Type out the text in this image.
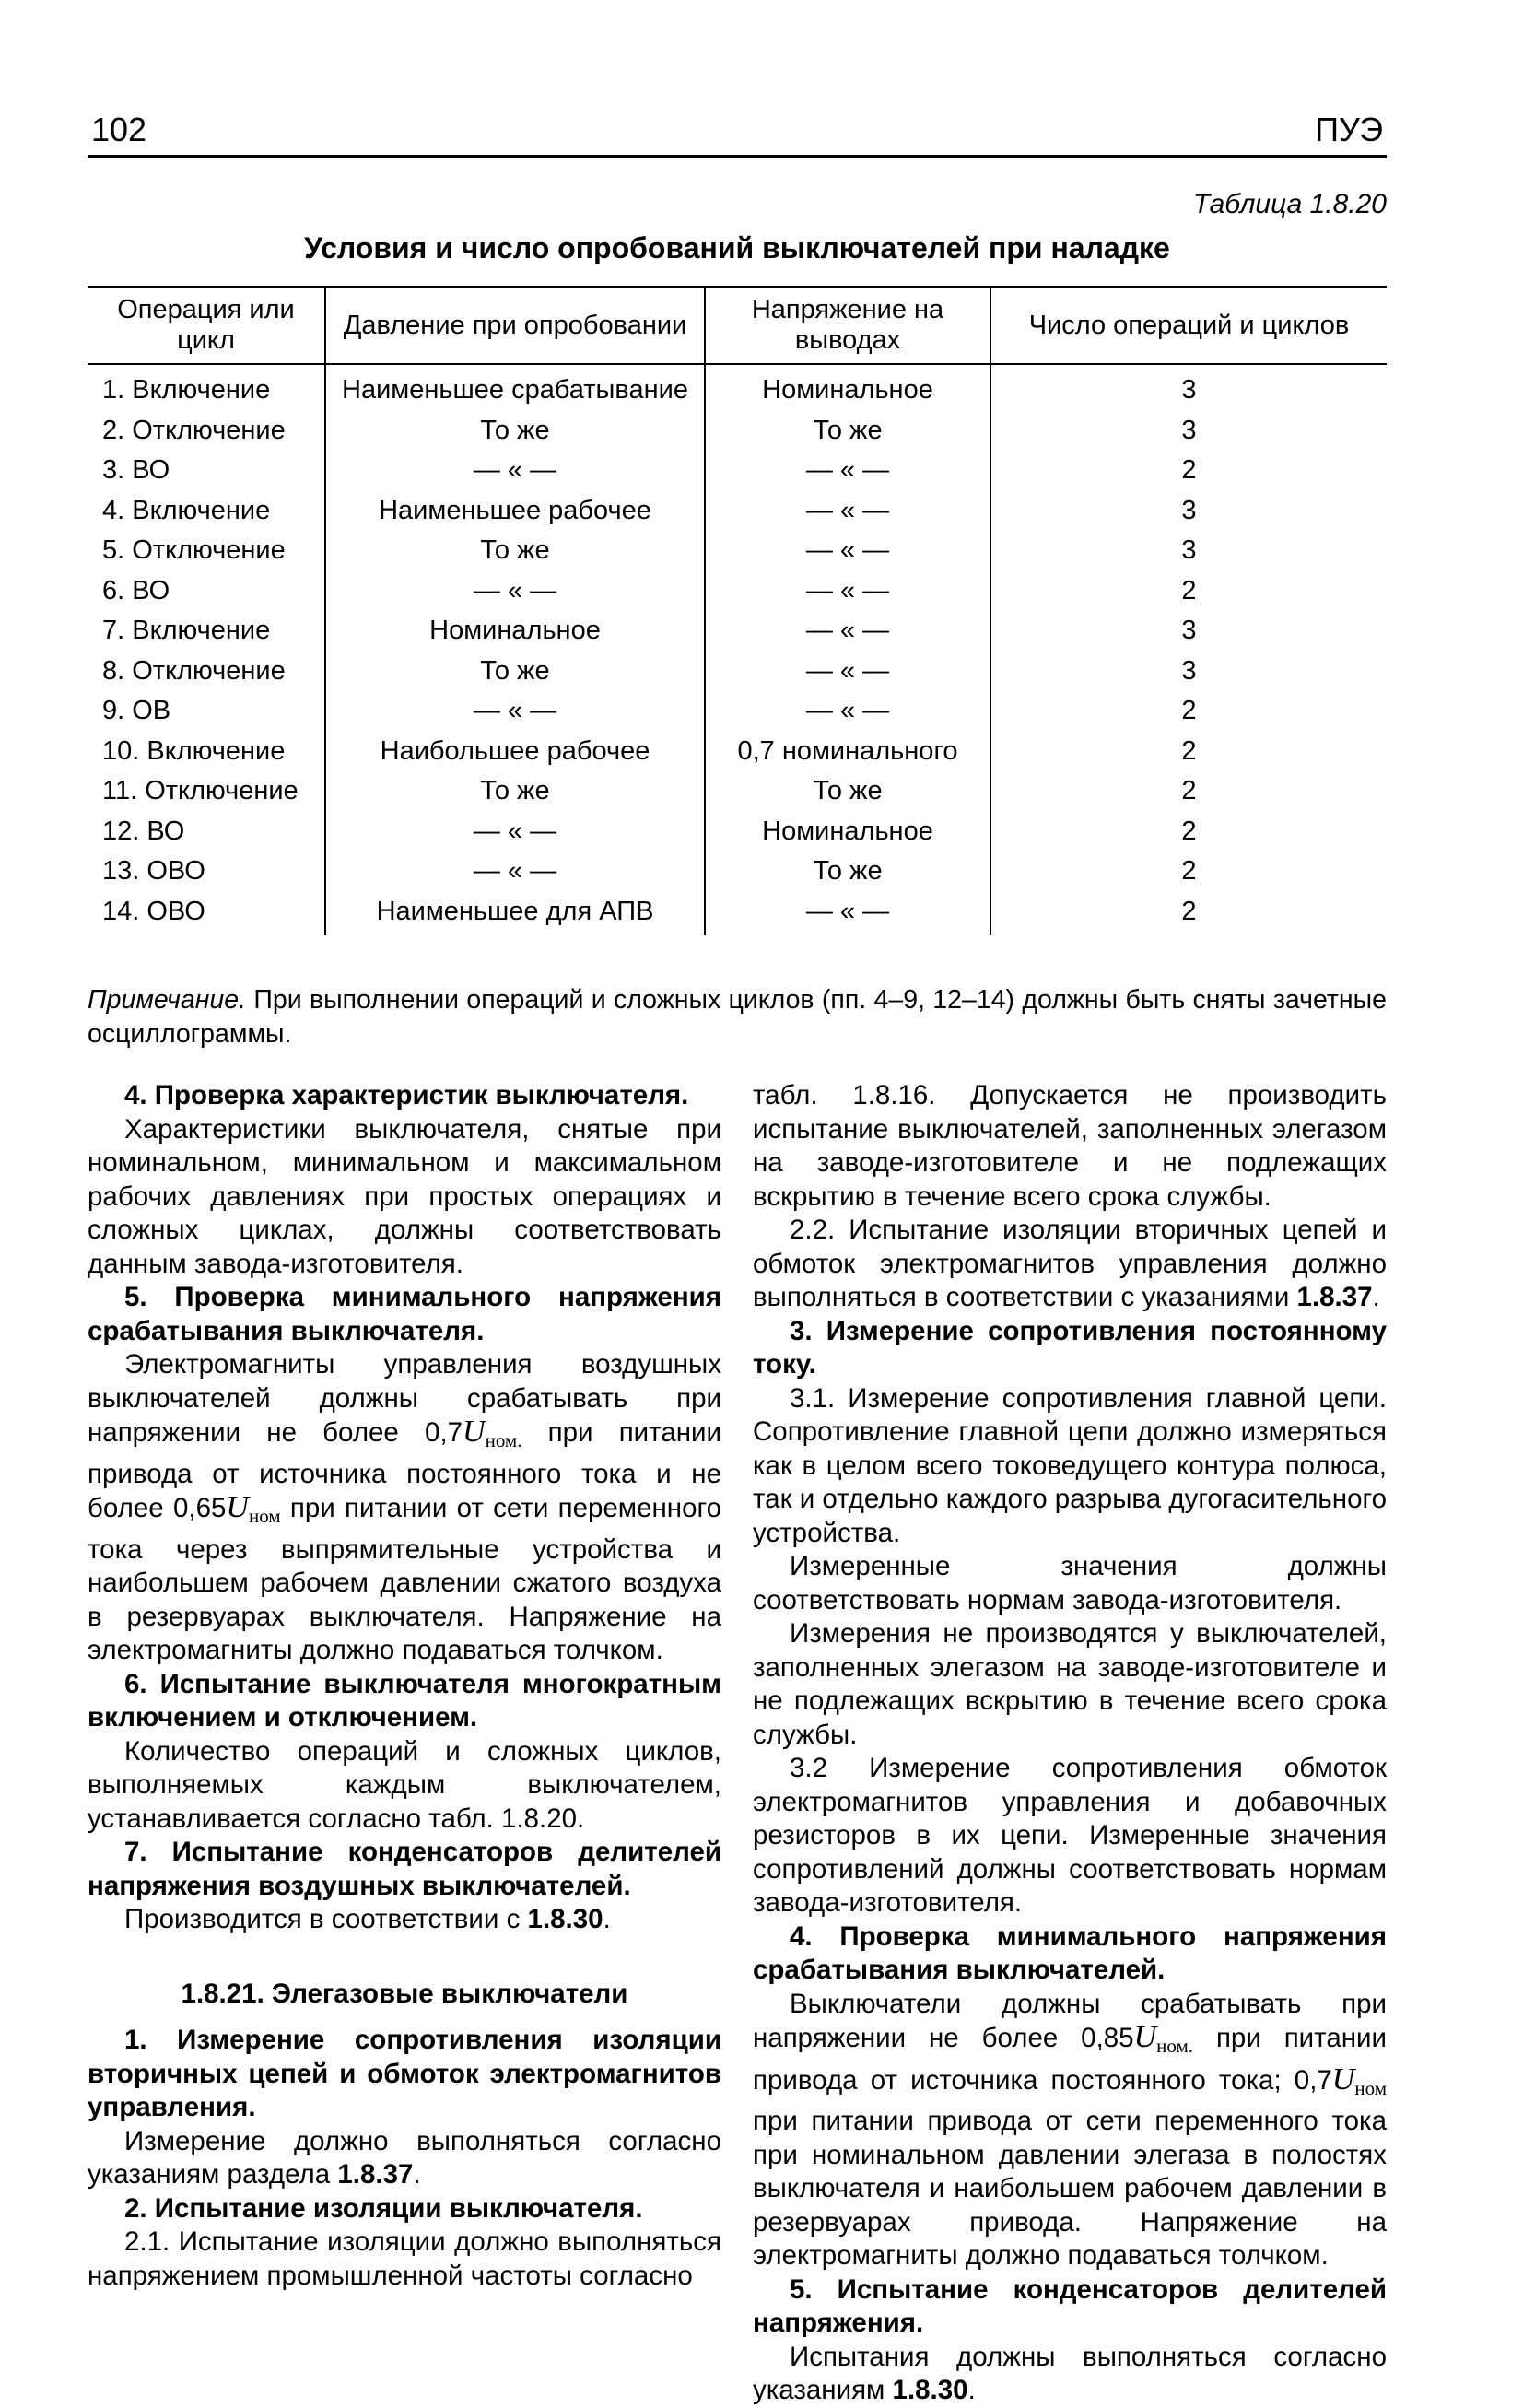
102	ПУЭ
Таблица 1.8.20
Условия и число опробований выключателей при наладке
Операция или цикл	Давление при опробовании	Напряжение на выводах	Число операций и циклов
1. Включение	Наименьшее срабатывание	Номинальное	3
2. Отключение	То же	То же	3
3. ВО	— « —	— « —	2
4. Включение	Наименьшее рабочее	— « —	3
5. Отключение	То же	— « —	3
6. ВО	— « —	— « —	2
7. Включение	Номинальное	— « —	3
8. Отключение	То же	— « —	3
9. ОВ	— « —	— « —	2
10. Включение	Наибольшее рабочее	0,7 номинального	2
11. Отключение	То же	То же	2
12. ВО	— « —	Номинальное	2
13. ОВО	— « —	То же	2
14. ОВО	Наименьшее для АПВ	— « —	2
Примечание. При выполнении операций и сложных циклов (пп. 4–9, 12–14) должны быть сняты зачетные осциллограммы.

4. Проверка характеристик выключателя.

Характеристики выключателя, снятые при номинальном, минимальном и максимальном рабочих давлениях при простых операциях и сложных циклах, должны соответствовать данным завода-изготовителя.

5. Проверка минимального напряжения срабатывания выключателя.

Электромагниты управления воздушных выключателей должны срабатывать при напряжении не более $0,7U_{ном.}$ при питании привода от источника постоянного тока и не более $0,65U_{ном}$ при питании от сети переменного тока через выпрямительные устройства и наибольшем рабочем давлении сжатого воздуха в резервуарах выключателя. Напряжение на электромагниты должно подаваться толчком.

6. Испытание выключателя многократным включением и отключением.

Количество операций и сложных циклов, выполняемых каждым выключателем, устанавливается согласно табл. 1.8.20.

7. Испытание конденсаторов делителей напряжения воздушных выключателей.

Производится в соответствии с 1.8.30.

1.8.21. Элегазовые выключатели

1. Измерение сопротивления изоляции вторичных цепей и обмоток электромагнитов управления.

Измерение должно выполняться согласно указаниям раздела 1.8.37.

2. Испытание изоляции выключателя.

2.1. Испытание изоляции должно выполняться напряжением промышленной частоты согласно

табл. 1.8.16. Допускается не производить испытание выключателей, заполненных элегазом на заводе-изготовителе и не подлежащих вскрытию в течение всего срока службы.

2.2. Испытание изоляции вторичных цепей и обмоток электромагнитов управления должно выполняться в соответствии с указаниями 1.8.37.

3. Измерение сопротивления постоянному току.

3.1. Измерение сопротивления главной цепи. Сопротивление главной цепи должно измеряться как в целом всего токоведущего контура полюса, так и отдельно каждого разрыва дугогасительного устройства.

Измеренные значения должны соответствовать нормам завода-изготовителя.

Измерения не производятся у выключателей, заполненных элегазом на заводе-изготовителе и не подлежащих вскрытию в течение всего срока службы.

3.2 Измерение сопротивления обмоток электромагнитов управления и добавочных резисторов в их цепи. Измеренные значения сопротивлений должны соответствовать нормам завода-изготовителя.

4. Проверка минимального напряжения срабатывания выключателей.

Выключатели должны срабатывать при напряжении не более $0,85U_{ном.}$ при питании привода от источника постоянного тока; $0,7U_{ном}$ при питании привода от сети переменного тока при номинальном давлении элегаза в полостях выключателя и наибольшем рабочем давлении в резервуарах привода. Напряжение на электромагниты должно подаваться толчком.

5. Испытание конденсаторов делителей напряжения.

Испытания должны выполняться согласно указаниям 1.8.30.
